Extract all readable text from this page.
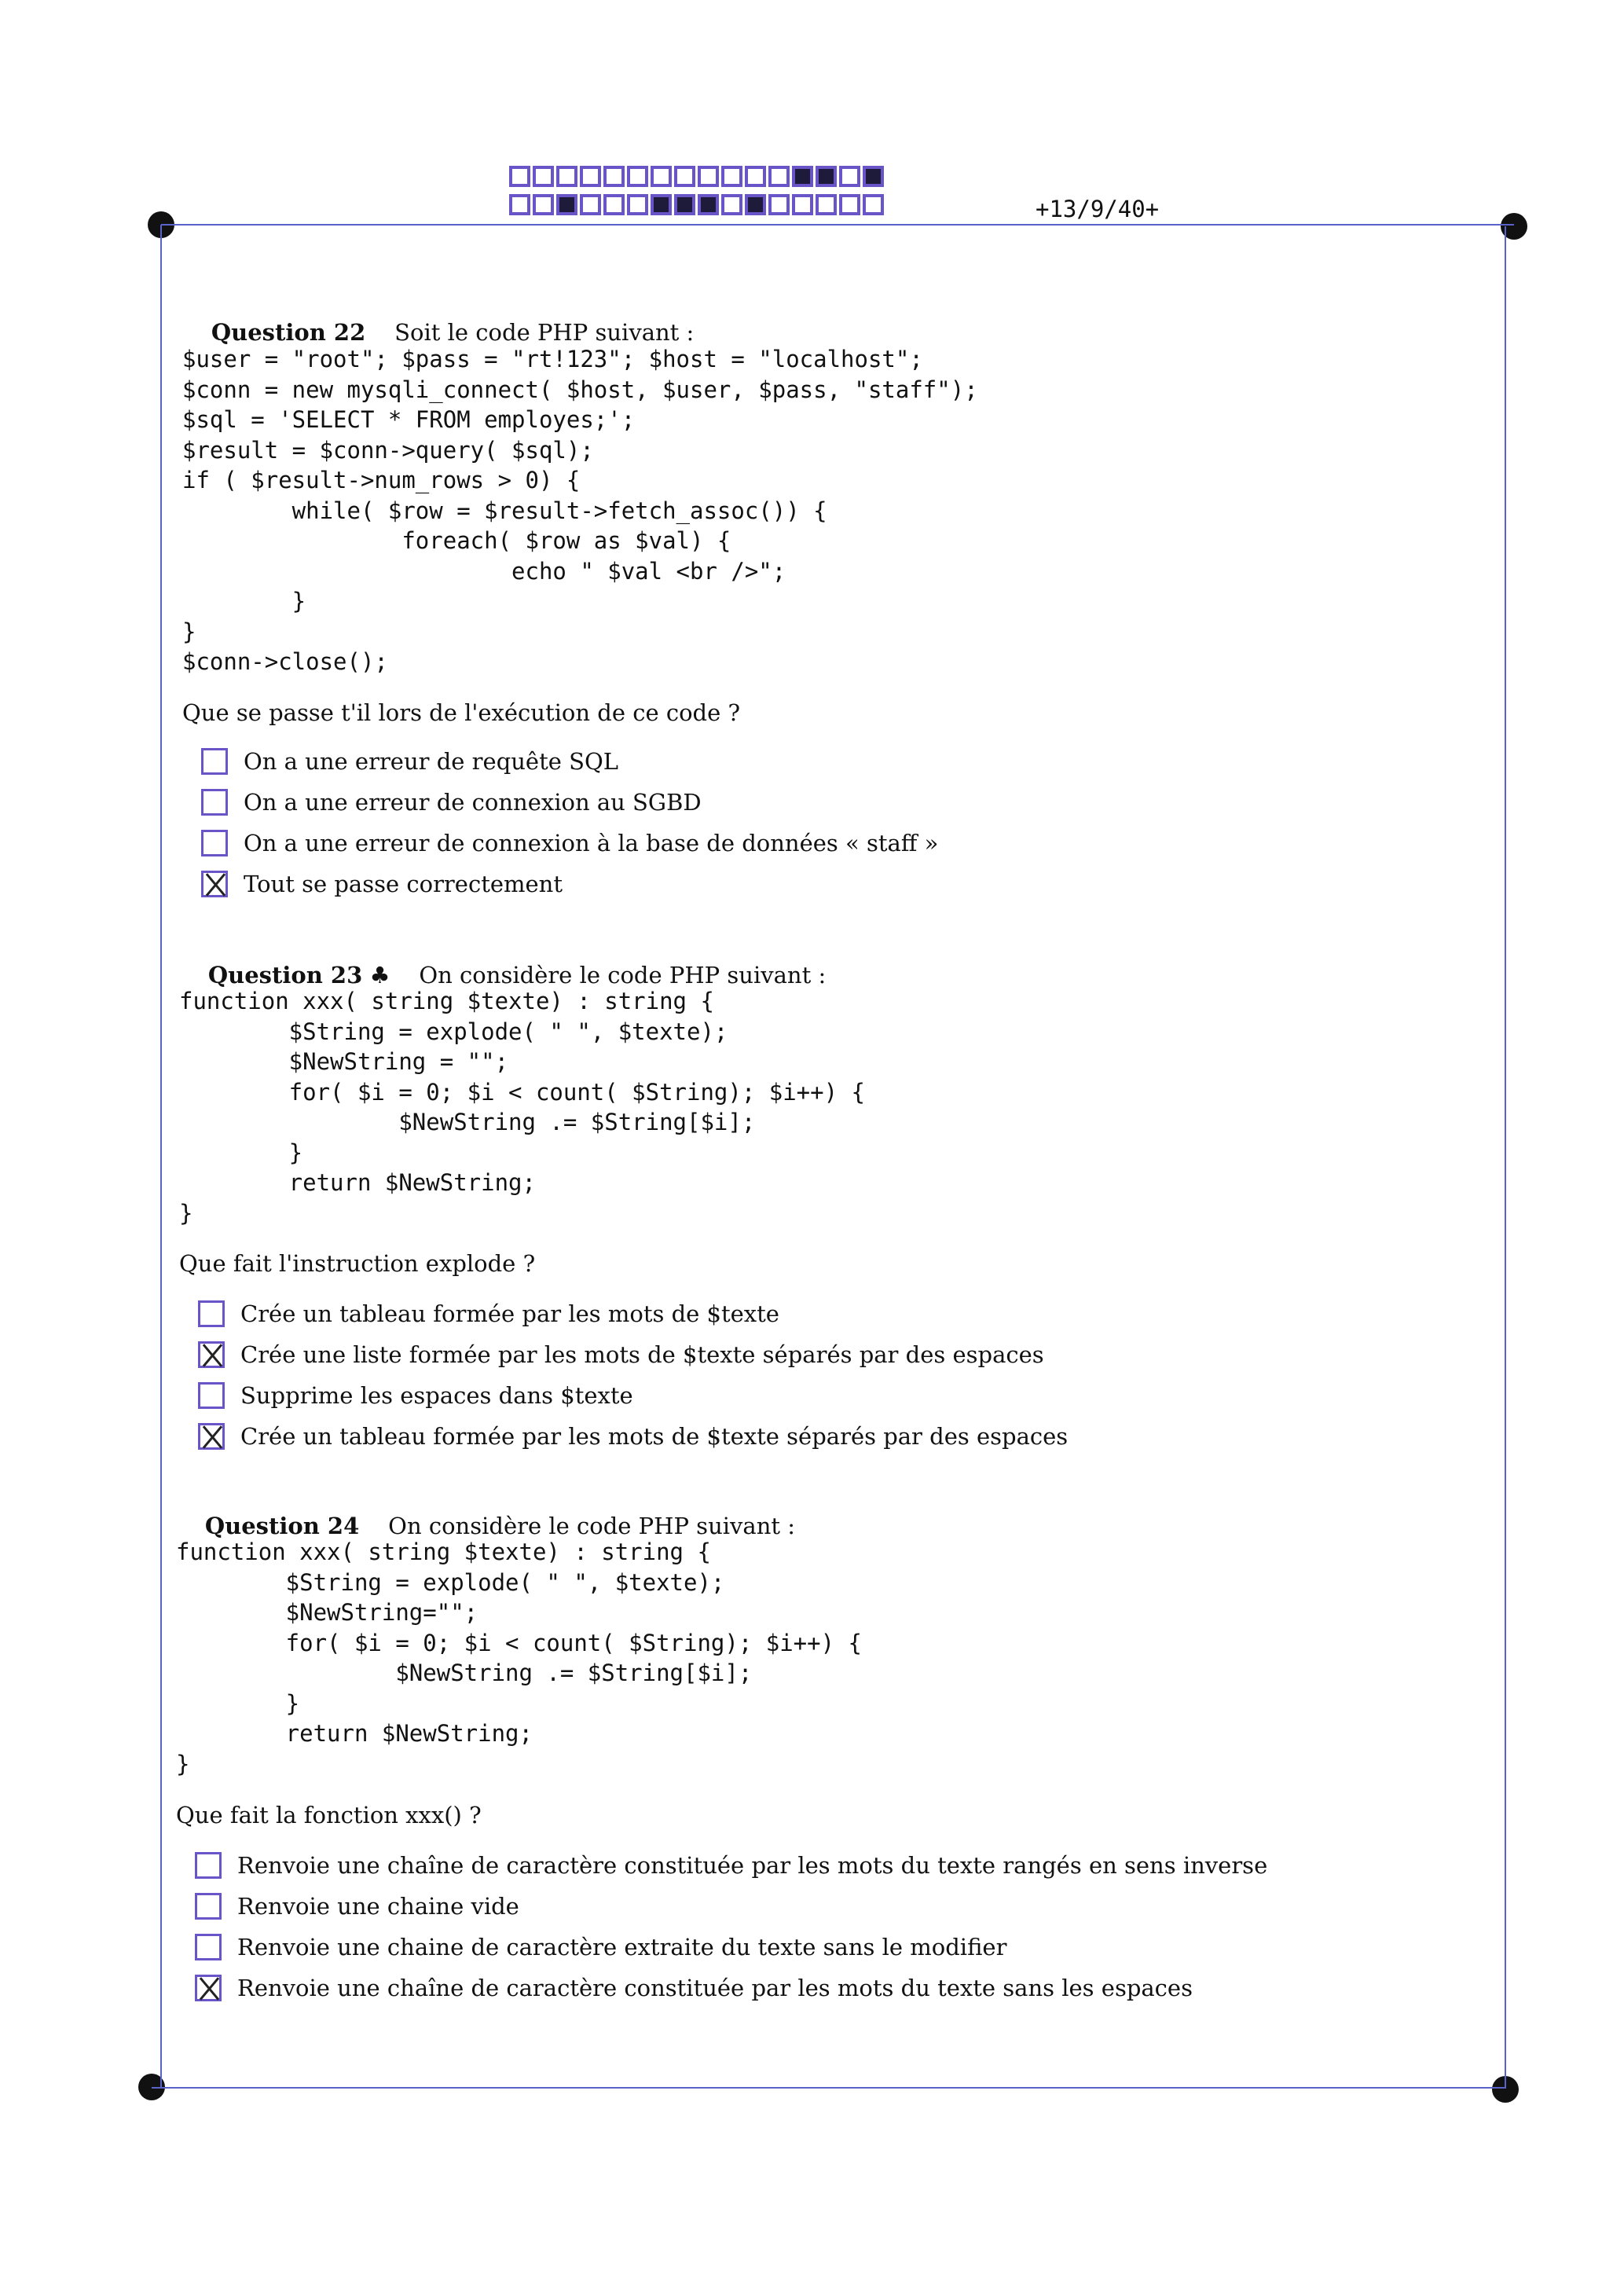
+13/9/40+

Question 22 Soit le code PHP suivant :

$user = "root"; $pass = "rt!123"; $host = "localhost";
$conn = new mysqli_connect( $host, $user, $pass, "staff");
$sql = 'SELECT * FROM employes;';
$result = $conn->query( $sql);
if ( $result->num_rows > 0) {
while( $row = $result->fetch_assoc()) {
foreach( $row as $val) {
echo " $val <br />";
}
}
$conn->close();
Que se passe t'il lors de l'exécution de ce code ?
On a une erreur de requête SQL
On a une erreur de connexion au SGBD
On a une erreur de connexion à la base de données « staff »
Tout se passe correctement

Question 23 ♣ On considère le code PHP suivant :

function xxx( string $texte) : string {
$String = explode( " ", $texte);
$NewString = "";
for( $i = 0; $i < count( $String); $i++) {
$NewString .= $String[$i];
}
return $NewString;
}
Que fait l'instruction explode ?
Crée un tableau formée par les mots de $texte
Crée une liste formée par les mots de $texte séparés par des espaces
Supprime les espaces dans $texte
Crée un tableau formée par les mots de $texte séparés par des espaces

Question 24 On considère le code PHP suivant :

function xxx( string $texte) : string {
$String = explode( " ", $texte);
$NewString="";
for( $i = 0; $i < count( $String); $i++) {
$NewString .= $String[$i];
}
return $NewString;
}
Que fait la fonction xxx() ?
Renvoie une chaîne de caractère constituée par les mots du texte rangés en sens inverse
Renvoie une chaine vide
Renvoie une chaine de caractère extraite du texte sans le modifier
Renvoie une chaîne de caractère constituée par les mots du texte sans les espaces
